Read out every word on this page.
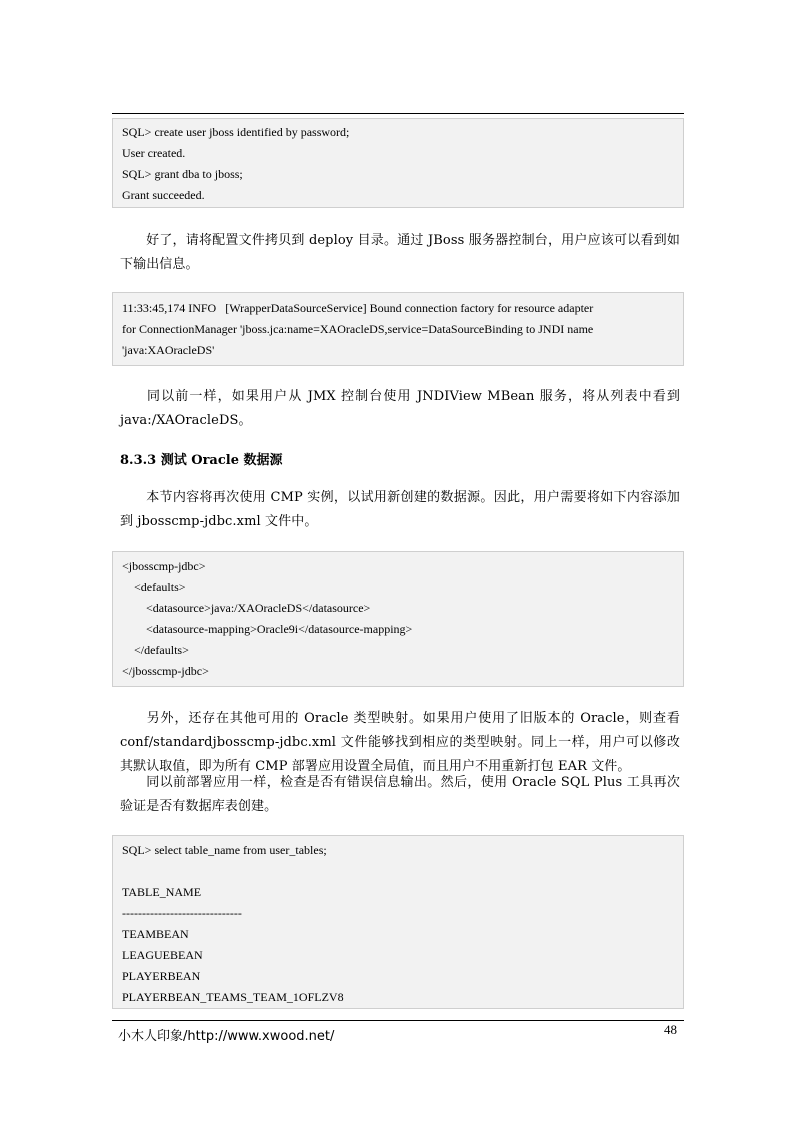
SQL> create user jboss identified by password;
User created.
SQL> grant dba to jboss;
Grant succeeded.
好了，请将配置文件拷贝到 deploy 目录。通过 JBoss 服务器控制台，用户应该可以看到如下输出信息。
11:33:45,174 INFO   [WrapperDataSourceService] Bound connection factory for resource adapter
for ConnectionManager 'jboss.jca:name=XAOracleDS,service=DataSourceBinding to JNDI name
'java:XAOracleDS'
同以前一样，如果用户从 JMX 控制台使用 JNDIView MBean 服务，将从列表中看到 java:/XAOracleDS。
8.3.3 测试 Oracle 数据源
本节内容将再次使用 CMP 实例，以试用新创建的数据源。因此，用户需要将如下内容添加到 jbosscmp-jdbc.xml 文件中。
<jbosscmp-jdbc>
<defaults>
<datasource>java:/XAOracleDS</datasource>
<datasource-mapping>Oracle9i</datasource-mapping>
</defaults>
</jbosscmp-jdbc>
另外，还存在其他可用的 Oracle 类型映射。如果用户使用了旧版本的 Oracle，则查看 conf/standardjbosscmp-jdbc.xml 文件能够找到相应的类型映射。同上一样，用户可以修改其默认取值，即为所有 CMP 部署应用设置全局值，而且用户不用重新打包 EAR 文件。
同以前部署应用一样，检查是否有错误信息输出。然后，使用 Oracle SQL Plus 工具再次验证是否有数据库表创建。
SQL> select table_name from user_tables;
TABLE_NAME
------------------------------
TEAMBEAN
LEAGUEBEAN
PLAYERBEAN
PLAYERBEAN_TEAMS_TEAM_1OFLZV8
小木人印象/http://www.xwood.net/	48
